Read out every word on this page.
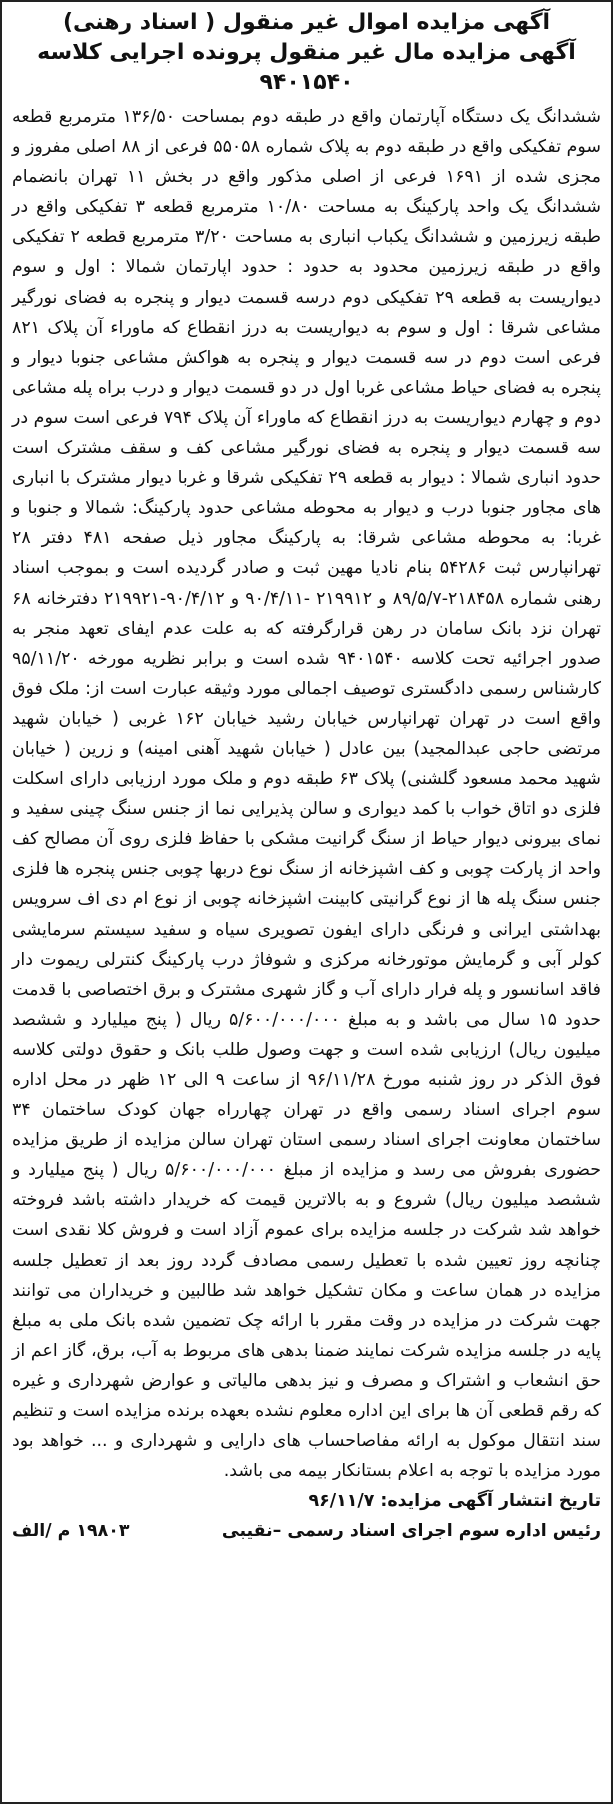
آگهی مزایده اموال غیر منقول ( اسناد رهنی)
آگهی مزایده مال غیر منقول پرونده اجرایی کلاسه ۹۴۰۱۵۴۰

ششدانگ یک دستگاه آپارتمان واقع در طبقه دوم بمساحت ۱۳۶/۵۰ مترمربع قطعه سوم تفکیکی واقع در طبقه دوم به پلاک شماره ۵۵۰۵۸ فرعی از ۸۸ اصلی مفروز و مجزی شده از ۱۶۹۱ فرعی از اصلی مذکور واقع در بخش ۱۱ تهران بانضمام ششدانگ یک واحد پارکینگ به مساحت ۱۰/۸۰ مترمربع قطعه ۳ تفکیکی واقع در طبقه زیرزمین و ششدانگ یکباب انباری به مساحت ۳/۲۰ مترمربع قطعه ۲ تفکیکی واقع در طبقه زیرزمین محدود به حدود : حدود اپارتمان شمالا : اول و سوم دیواریست به قطعه ۲۹ تفکیکی دوم درسه قسمت دیوار و پنجره به فضای نورگیر مشاعی شرقا : اول و سوم به دیواریست به درز انقطاع که ماوراء آن پلاک ۸۲۱ فرعی است دوم در سه قسمت دیوار و پنجره به هواکش مشاعی جنوبا دیوار و پنجره به فضای حیاط مشاعی غربا اول در دو قسمت دیوار و درب براه پله مشاعی دوم و چهارم دیواریست به درز انقطاع که ماوراء آن پلاک ۷۹۴ فرعی است سوم در سه قسمت دیوار و پنجره به فضای نورگیر مشاعی کف و سقف مشترک است حدود انباری شمالا : دیوار به قطعه ۲۹ تفکیکی شرقا و غربا دیوار مشترک با انباری های مجاور جنوبا درب و دیوار به محوطه مشاعی حدود پارکینگ: شمالا و جنوبا و غربا: به محوطه مشاعی شرقا: به پارکینگ مجاور ذیل صفحه ۴۸۱ دفتر ۲۸ تهرانپارس ثبت ۵۴۲۸۶ بنام نادیا مهین ثبت و صادر گردیده است و بموجب اسناد رهنی شماره ۲۱۸۴۵۸-۸۹/۵/۷ و ۲۱۹۹۱۲ -۹۰/۴/۱۱ و ۹۰/۴/۱۲-۲۱۹۹۲۱ دفترخانه ۶۸ تهران نزد بانک سامان در رهن قرارگرفته که به علت عدم ایفای تعهد منجر به صدور اجرائیه تحت کلاسه ۹۴۰۱۵۴۰ شده است و برابر نظریه مورخه ۹۵/۱۱/۲۰ کارشناس رسمی دادگستری توصیف اجمالی مورد وثیقه عبارت است از: ملک فوق واقع است در تهران تهرانپارس خیابان رشید خیابان ۱۶۲ غربی ( خیابان شهید مرتضی حاجی عبدالمجید) بین عادل ( خیابان شهید آهنی امینه) و زرین ( خیابان شهید محمد مسعود گلشنی) پلاک ۶۳ طبقه دوم و ملک مورد ارزیابی دارای اسکلت فلزی دو اتاق خواب با کمد دیواری و سالن پذیرایی نما از جنس سنگ چینی سفید و نمای بیرونی دیوار حیاط از سنگ گرانیت مشکی با حفاظ فلزی روی آن مصالح کف واحد از پارکت چوبی و کف اشپزخانه از سنگ نوع دربها چوبی جنس پنجره ها فلزی جنس سنگ پله ها از نوع گرانیتی کابینت اشپزخانه چوبی از نوع ام دی اف سرویس بهداشتی ایرانی و فرنگی دارای ایفون تصویری سیاه و سفید سیستم سرمایشی کولر آبی و گرمایش موتورخانه مرکزی و شوفاژ درب پارکینگ کنترلی ریموت دار فاقد اسانسور و پله فرار دارای آب و گاز شهری مشترک و برق اختصاصی با قدمت حدود ۱۵ سال می باشد و به مبلغ ۵/۶۰۰/۰۰۰/۰۰۰ ریال ( پنج میلیارد و ششصد میلیون ریال) ارزیابی شده است و جهت وصول طلب بانک و حقوق دولتی کلاسه فوق الذکر در روز شنبه مورخ ۹۶/۱۱/۲۸ از ساعت ۹ الی ۱۲ ظهر در محل اداره سوم اجرای اسناد رسمی واقع در تهران چهارراه جهان کودک ساختمان ۳۴ ساختمان معاونت اجرای اسناد رسمی استان تهران سالن مزایده از طریق مزایده حضوری بفروش می رسد و مزایده از مبلغ ۵/۶۰۰/۰۰۰/۰۰۰ ریال ( پنج میلیارد و ششصد میلیون ریال) شروع و به بالاترین قیمت که خریدار داشته باشد فروخته خواهد شد شرکت در جلسه مزایده برای عموم آزاد است و فروش کلا نقدی است چنانچه روز تعیین شده با تعطیل رسمی مصادف گردد روز بعد از تعطیل جلسه مزایده در همان ساعت و مکان تشکیل خواهد شد طالبین و خریداران می توانند جهت شرکت در مزایده در وقت مقرر با ارائه چک تضمین شده بانک ملی به مبلغ پایه در جلسه مزایده شرکت نمایند ضمنا بدهی های مربوط به آب، برق، گاز اعم از حق انشعاب و اشتراک و مصرف و نیز بدهی مالیاتی و عوارض شهرداری و غیره که رقم قطعی آن ها برای این اداره معلوم نشده بعهده برنده مزایده است و تنظیم سند انتقال موکول به ارائه مفاصاحساب های دارایی و شهرداری و ... خواهد بود مورد مزایده با توجه به اعلام بستانکار بیمه می باشد.

تاریخ انتشار آگهی مزایده: ۹۶/۱۱/۷

رئیس اداره سوم اجرای اسناد رسمی –نقیبی
۱۹۸۰۳ م /الف
